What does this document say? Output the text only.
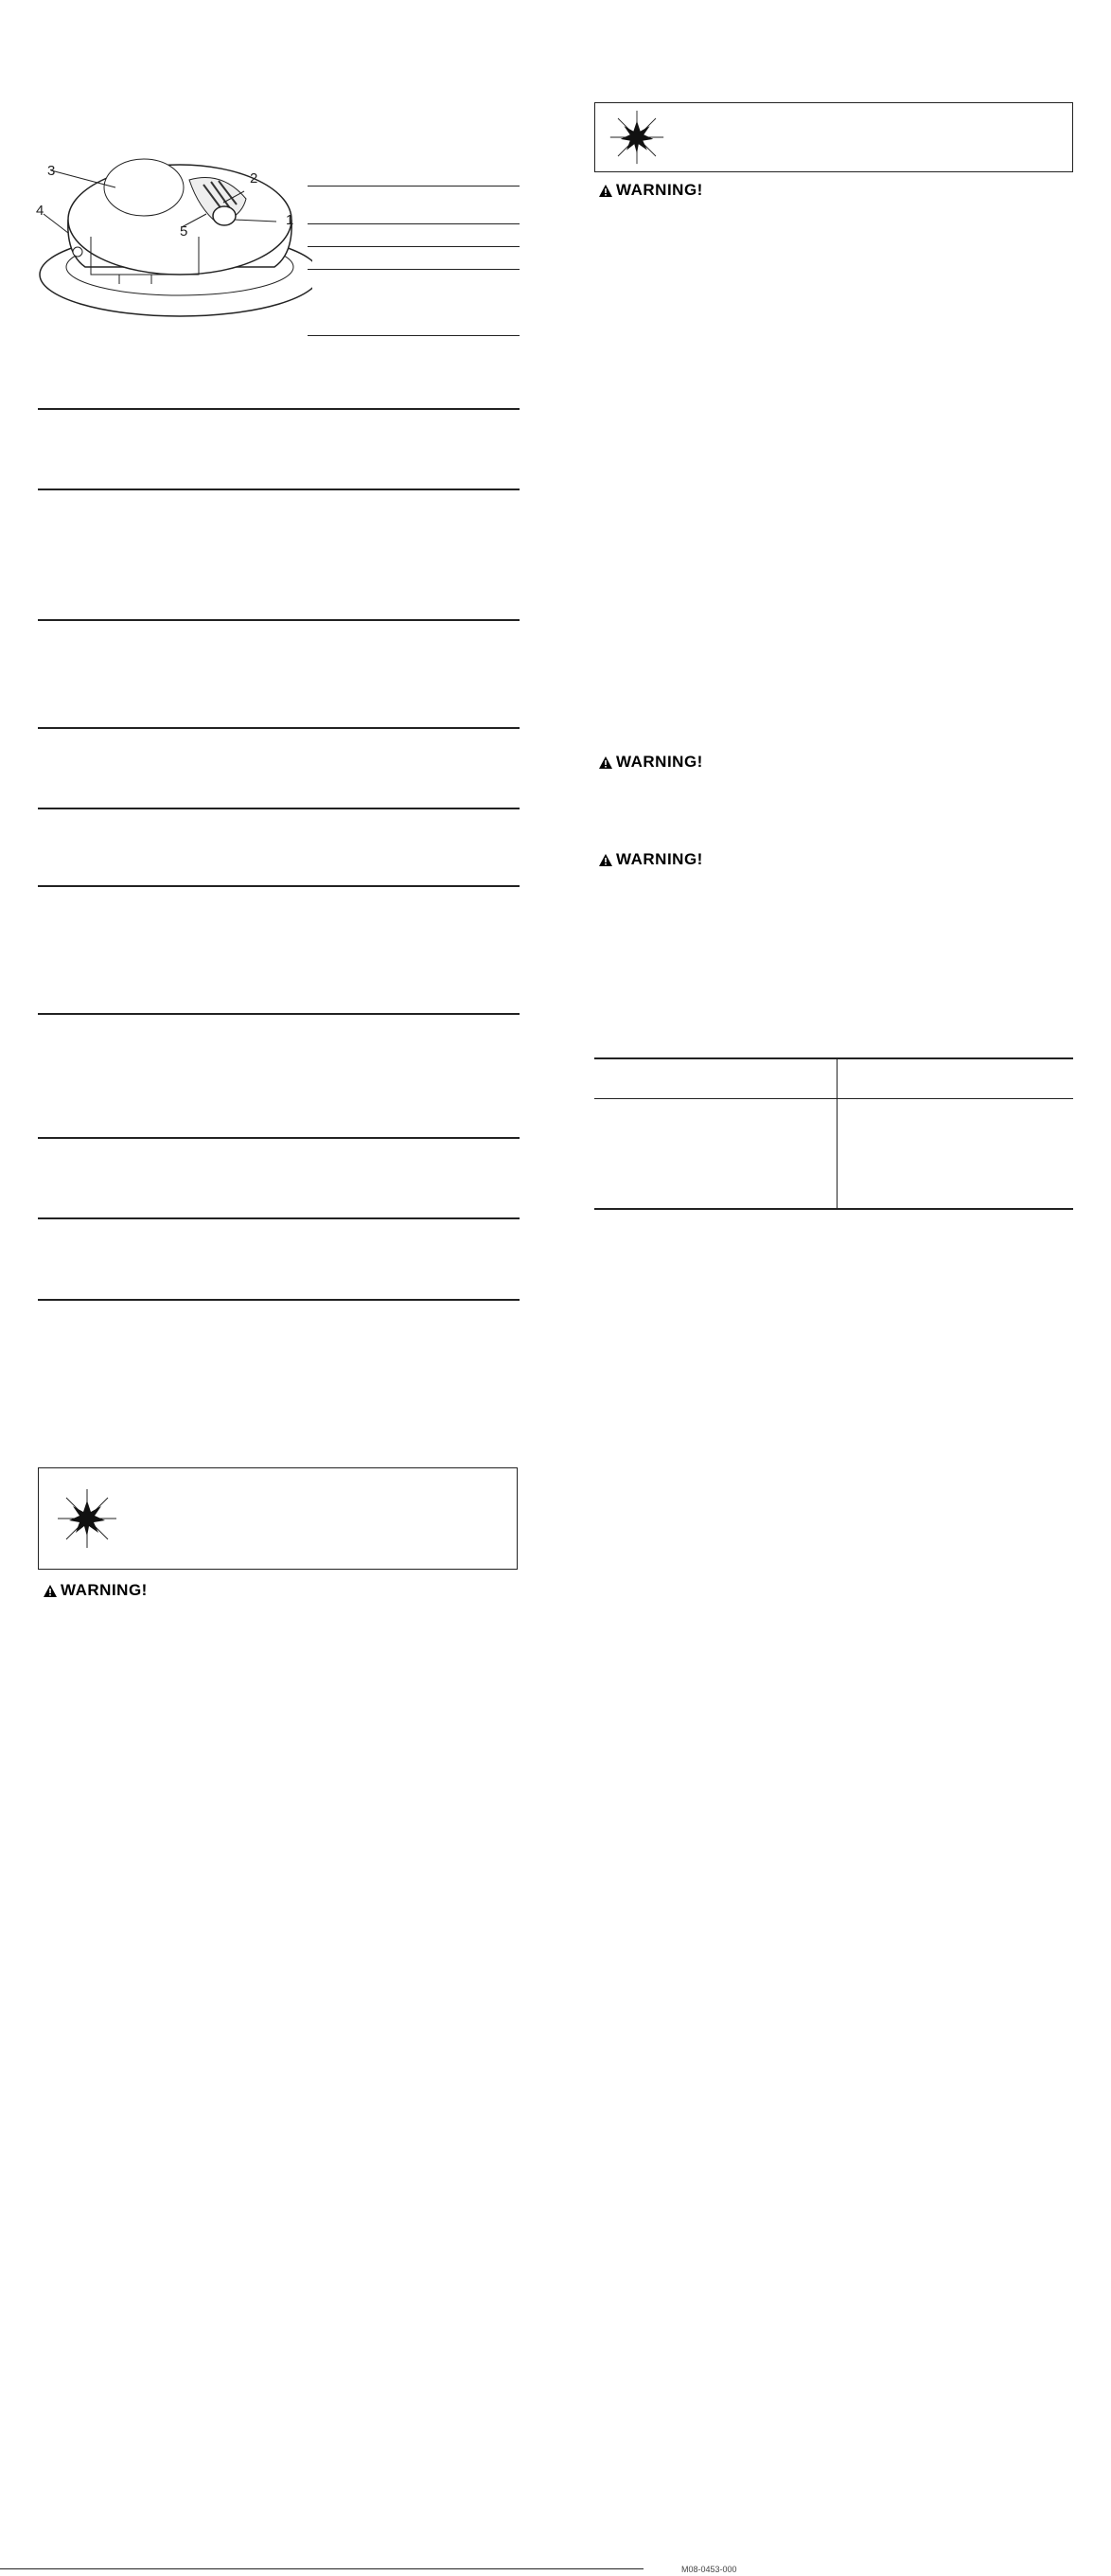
1
2
3
4
5
WARNING!
WARNING!
WARNING!
WARNING!
M08-0453-000
